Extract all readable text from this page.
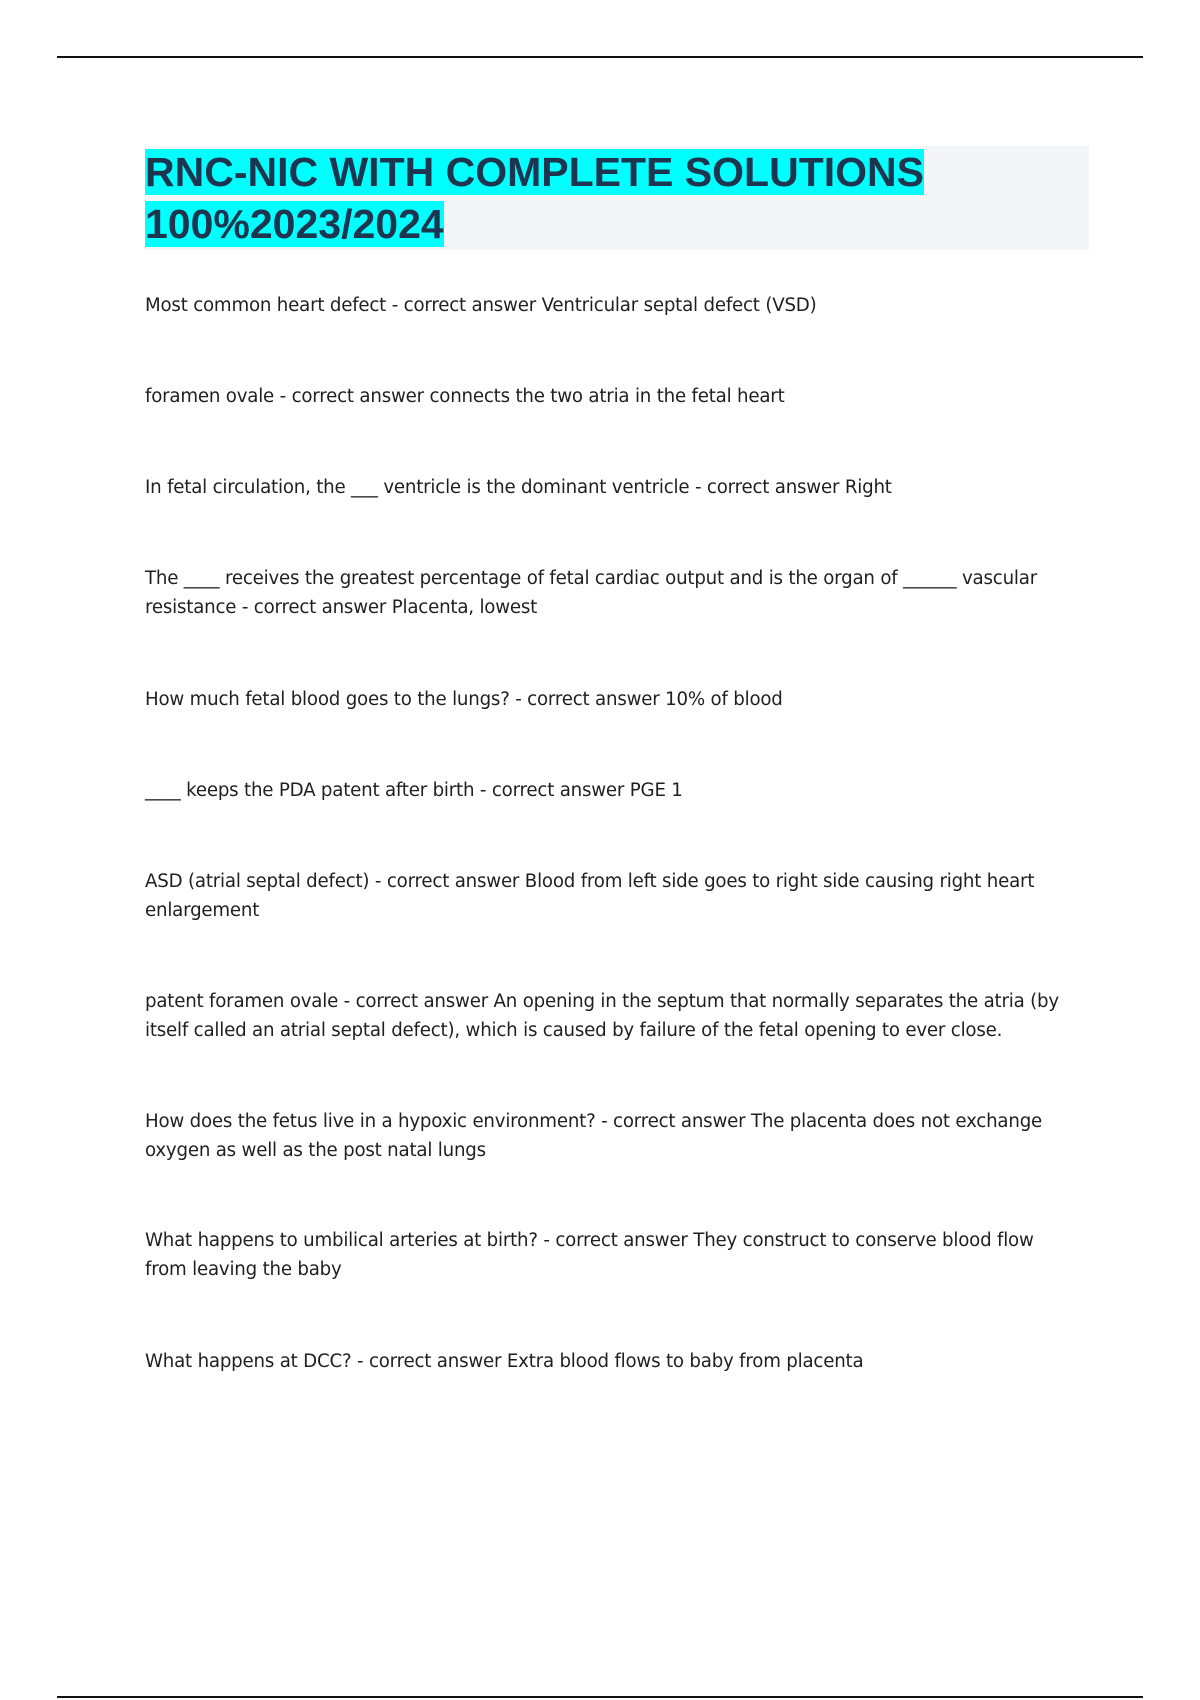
RNC-NIC WITH COMPLETE SOLUTIONS 100%2023/2024

Most common heart defect - correct answer Ventricular septal defect (VSD)

foramen ovale - correct answer connects the two atria in the fetal heart

In fetal circulation, the ___ ventricle is the dominant ventricle - correct answer Right

The ____ receives the greatest percentage of fetal cardiac output and is the organ of ______ vascular resistance - correct answer Placenta, lowest

How much fetal blood goes to the lungs? - correct answer 10% of blood

____ keeps the PDA patent after birth - correct answer PGE 1

ASD (atrial septal defect) - correct answer Blood from left side goes to right side causing right heart enlargement

patent foramen ovale - correct answer An opening in the septum that normally separates the atria (by itself called an atrial septal defect), which is caused by failure of the fetal opening to ever close.

How does the fetus live in a hypoxic environment? - correct answer The placenta does not exchange oxygen as well as the post natal lungs

What happens to umbilical arteries at birth? - correct answer They construct to conserve blood flow from leaving the baby

What happens at DCC? - correct answer Extra blood flows to baby from placenta
